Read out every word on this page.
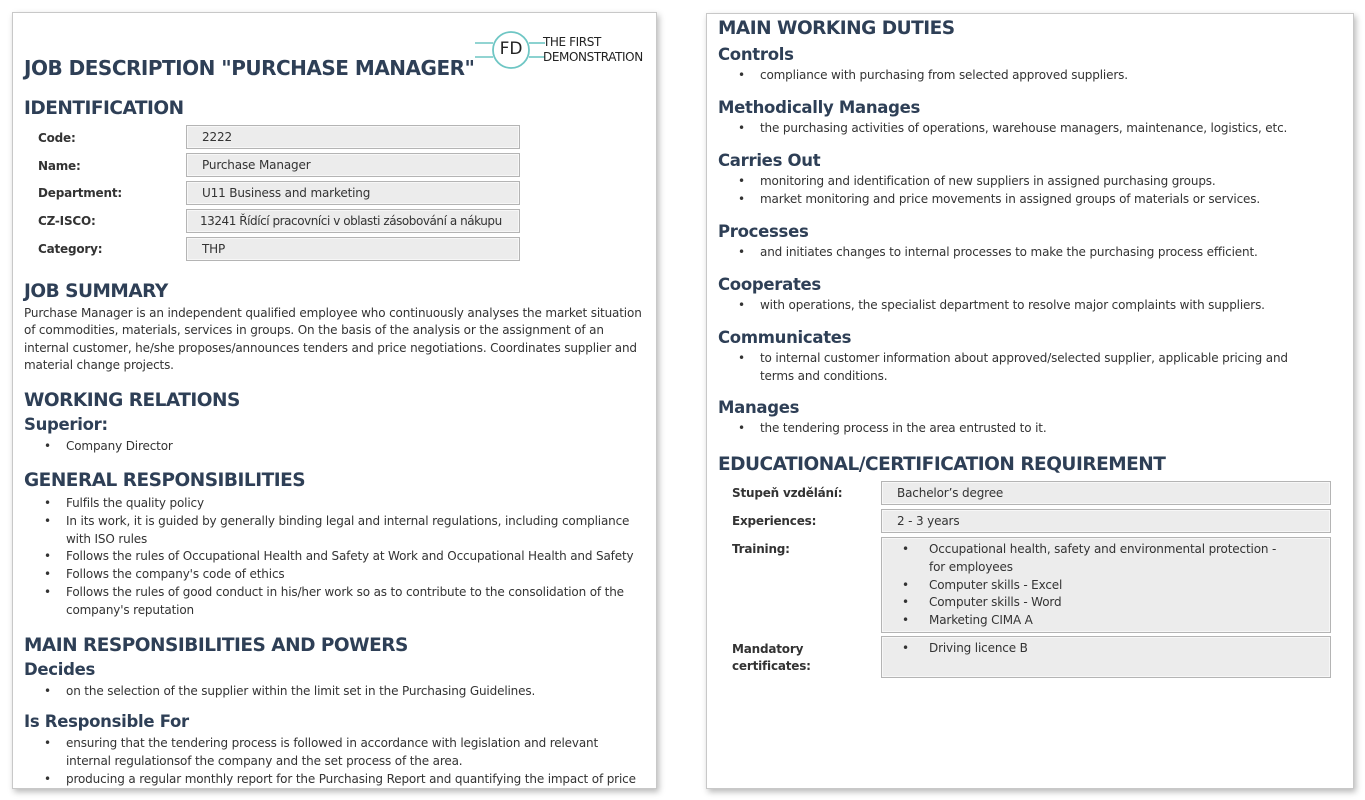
FD THE FIRST
DEMONSTRATION
JOB DESCRIPTION "PURCHASE MANAGER"
IDENTIFICATION
Code:	2222
Name:	Purchase Manager
Department:	U11 Business and marketing
CZ-ISCO:	13241 Řídící pracovníci v oblasti zásobování a nákupu
Category:	THP
JOB SUMMARY

Purchase Manager is an independent qualified employee who continuously analyses the market situation of commodities, materials, services in groups. On the basis of the analysis or the assignment of an internal customer, he/she proposes/announces tenders and price negotiations. Coordinates supplier and material change projects.

WORKING RELATIONS
Superior:
• Company Director
GENERAL RESPONSIBILITIES
• Fulfils the quality policy
• In its work, it is guided by generally binding legal and internal regulations, including compliance with ISO rules
• Follows the rules of Occupational Health and Safety at Work and Occupational Health and Safety
• Follows the company's code of ethics
• Follows the rules of good conduct in his/her work so as to contribute to the consolidation of the company's reputation
MAIN RESPONSIBILITIES AND POWERS
Decides
• on the selection of the supplier within the limit set in the Purchasing Guidelines.
Is Responsible For
• ensuring that the tendering process is followed in accordance with legislation and relevant internal regulationsof the company and the set process of the area.
• producing a regular monthly report for the Purchasing Report and quantifying the impact of price
MAIN WORKING DUTIES
Controls
• compliance with purchasing from selected approved suppliers.
Methodically Manages
• the purchasing activities of operations, warehouse managers, maintenance, logistics, etc.
Carries Out
• monitoring and identification of new suppliers in assigned purchasing groups.
• market monitoring and price movements in assigned groups of materials or services.
Processes
• and initiates changes to internal processes to make the purchasing process efficient.
Cooperates
• with operations, the specialist department to resolve major complaints with suppliers.
Communicates
• to internal customer information about approved/selected supplier, applicable pricing and terms and conditions.
Manages
• the tendering process in the area entrusted to it.
EDUCATIONAL/CERTIFICATION REQUIREMENT
Stupeň vzdělání:	Bachelor’s degree
Experiences:	2 - 3 years
Training:
•	Occupational health, safety and environmental protection - for employees
• Computer skills - Excel
• Computer skills - Word
• Marketing CIMA A
Mandatory
certificates:
• Driving licence B
